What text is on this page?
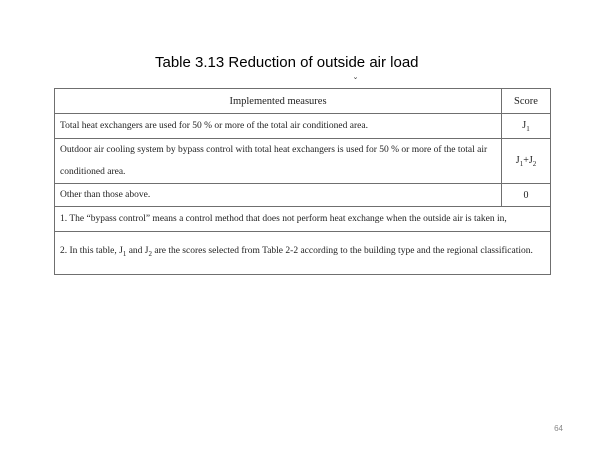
Table 3.13 Reduction of outside air load
ˇ
Implemented measures	Score
Total heat exchangers are used for 50 % or more of the total air conditioned area.	$J_1$
Outdoor air cooling system by bypass control with total heat exchangers is used for 50 % or more of the total air conditioned area.	$J_1+J_2$
Other than those above.	0
1. The “bypass control” means a control method that does not perform heat exchange when the outside air is taken in,	
2. In this table, $J_1$ and $J_2$ are the scores selected from Table 2-2 according to the building type and the regional classification.	
64
